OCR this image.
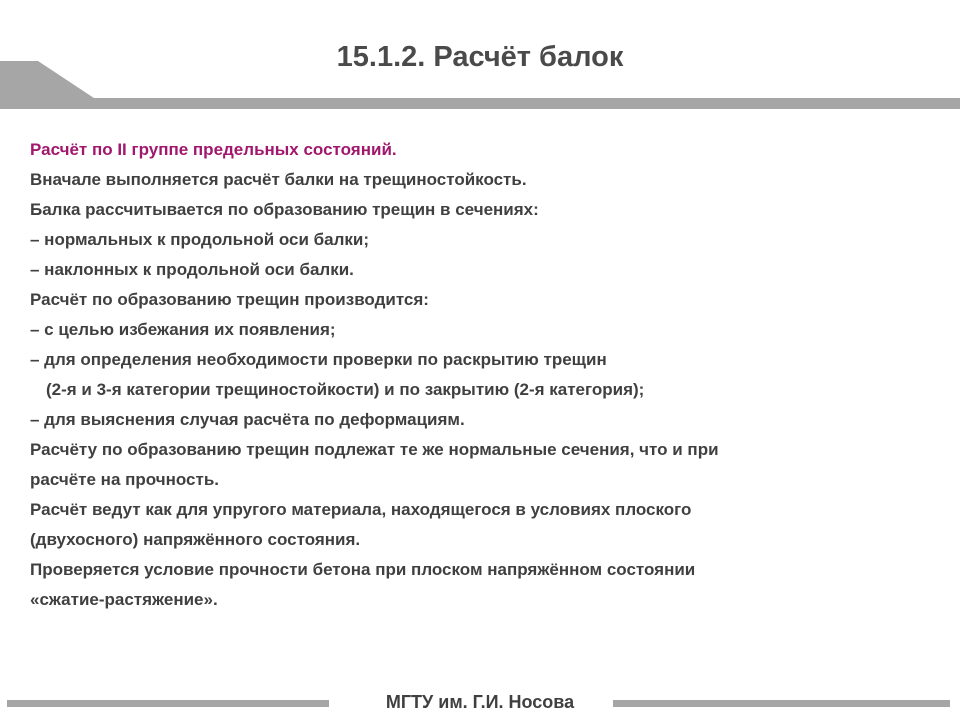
15.1.2. Расчёт балок

Расчёт по II группе предельных состояний.

Вначале выполняется расчёт балки на трещиностойкость.

Балка рассчитывается по образованию трещин в сечениях:

– нормальных к продольной оси балки;

– наклонных к продольной оси балки.

Расчёт по образованию трещин производится:

– с целью избежания их появления;

– для определения необходимости проверки по раскрытию трещин

(2-я и 3-я категории трещиностойкости) и по закрытию (2-я категория);

– для выяснения случая расчёта по деформациям.

Расчёту по образованию трещин подлежат те же нормальные сечения, что и при

расчёте на прочность.

Расчёт ведут как для упругого материала, находящегося в условиях плоского

(двухосного) напряжённого состояния.

Проверяется условие прочности бетона при плоском напряжённом состоянии

«сжатие-растяжение».

МГТУ им. Г.И. Носова
